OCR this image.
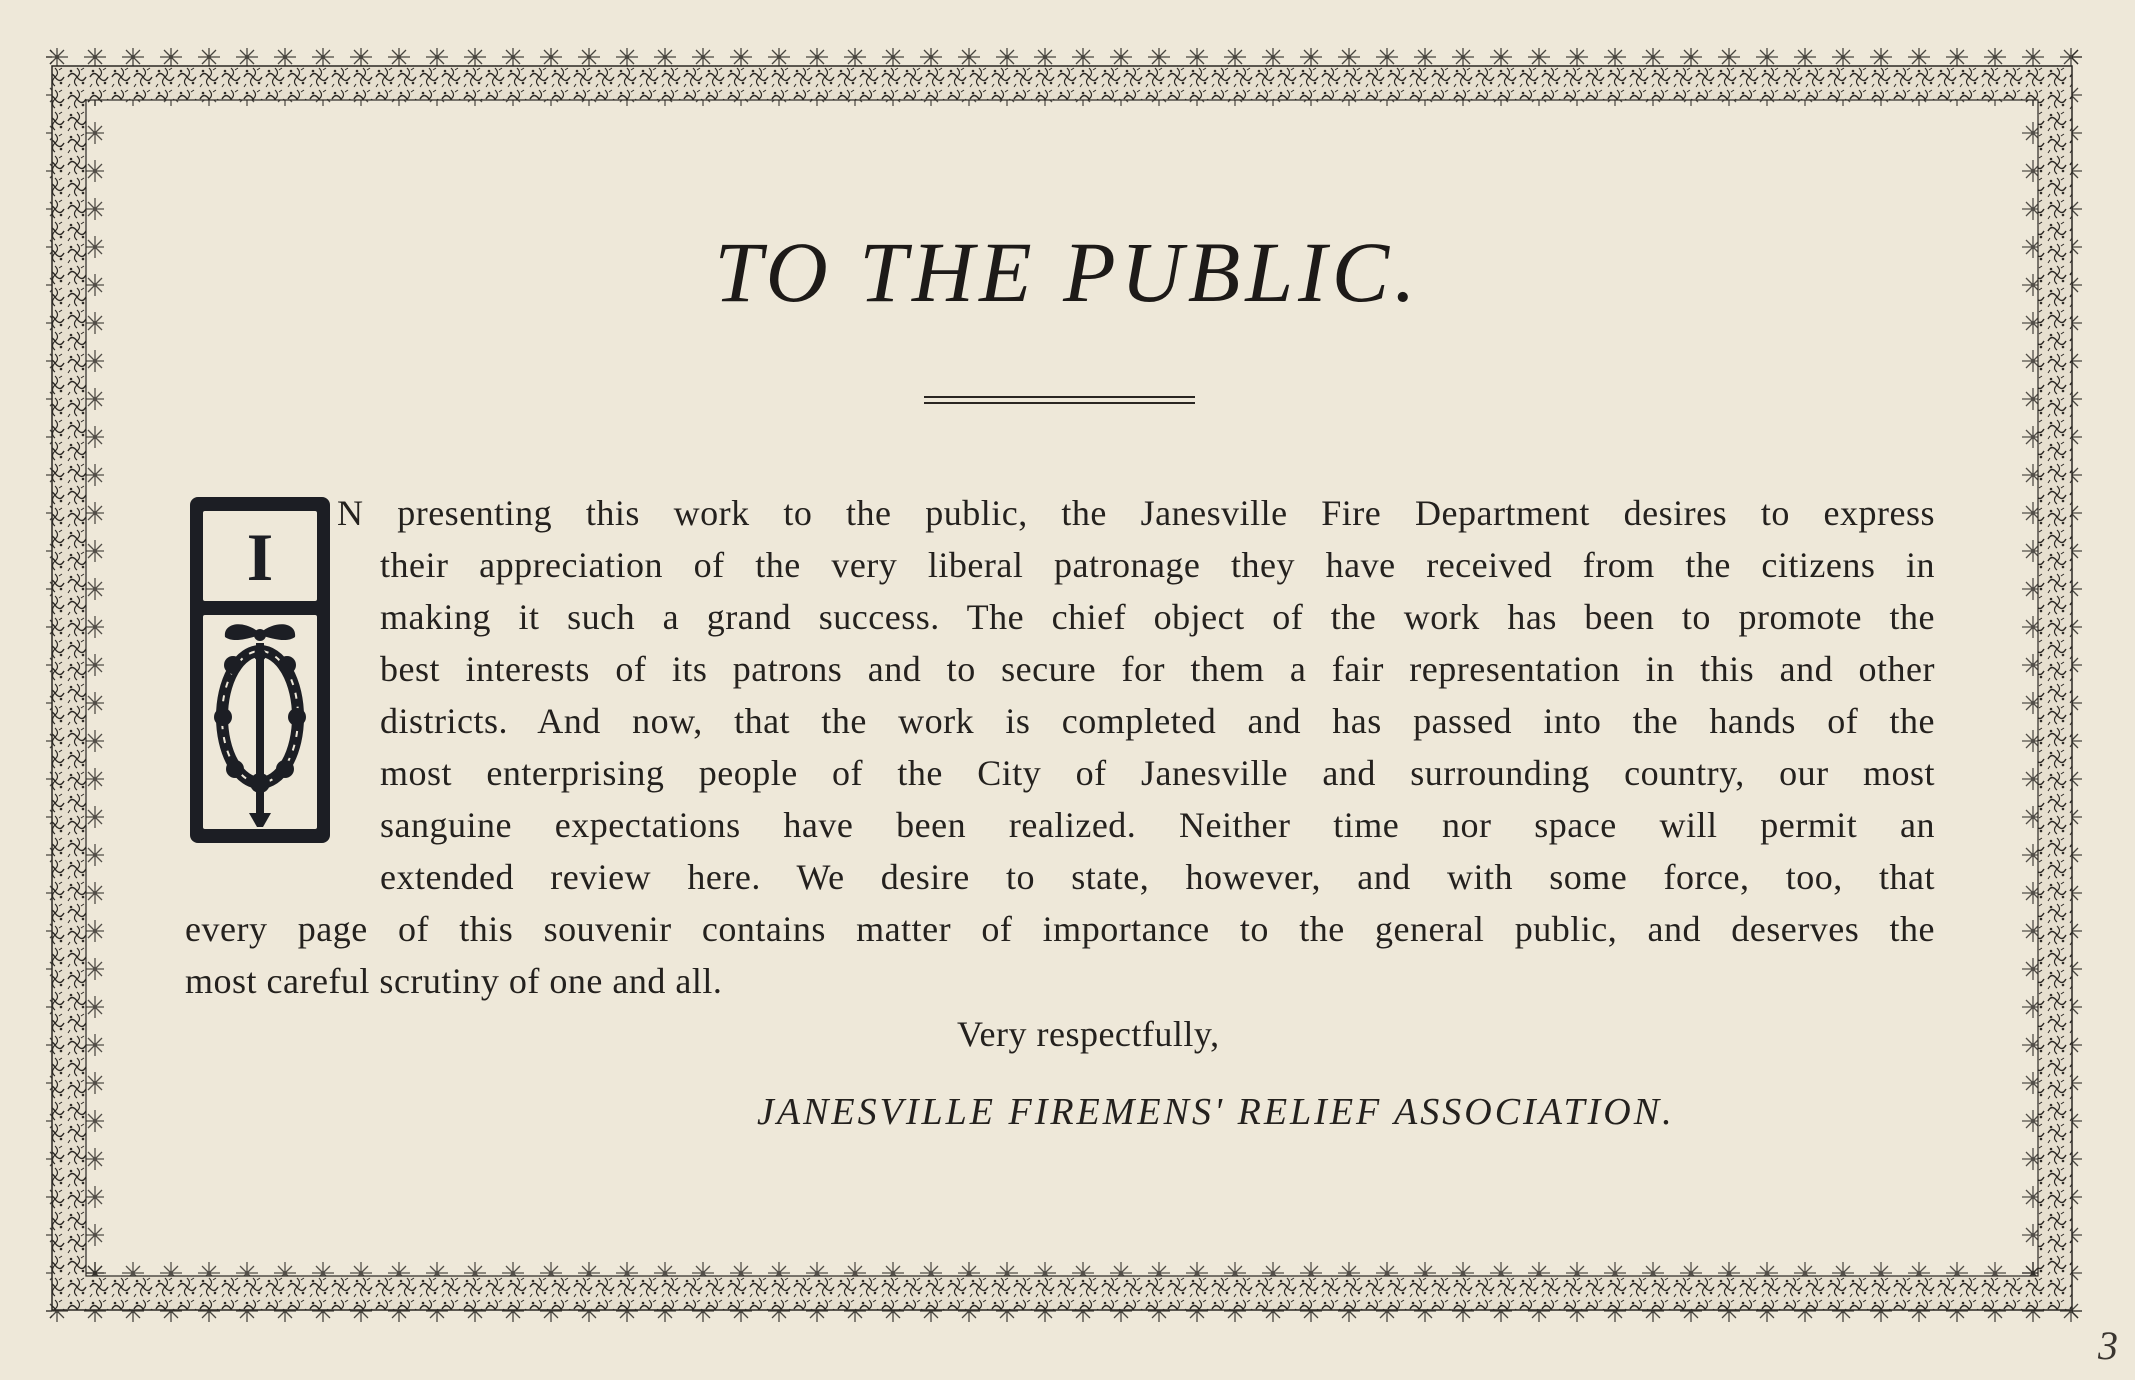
TO THE PUBLIC.
I
N presenting this work to the public, the Janesville Fire Department desires to express
their appreciation of the very liberal patronage they have received from the citizens in
making it such a grand success. The chief object of the work has been to promote the
best interests of its patrons and to secure for them a fair representation in this and other
districts. And now, that the work is completed and has passed into the hands of the
most enterprising people of the City of Janesville and surrounding country, our most
sanguine expectations have been realized. Neither time nor space will permit an
extended review here. We desire to state, however, and with some force, too, that
every page of this souvenir contains matter of importance to the general public, and deserves the
most careful scrutiny of one and all.
Very respectfully,
JANESVILLE FIREMENS' RELIEF ASSOCIATION.
3
